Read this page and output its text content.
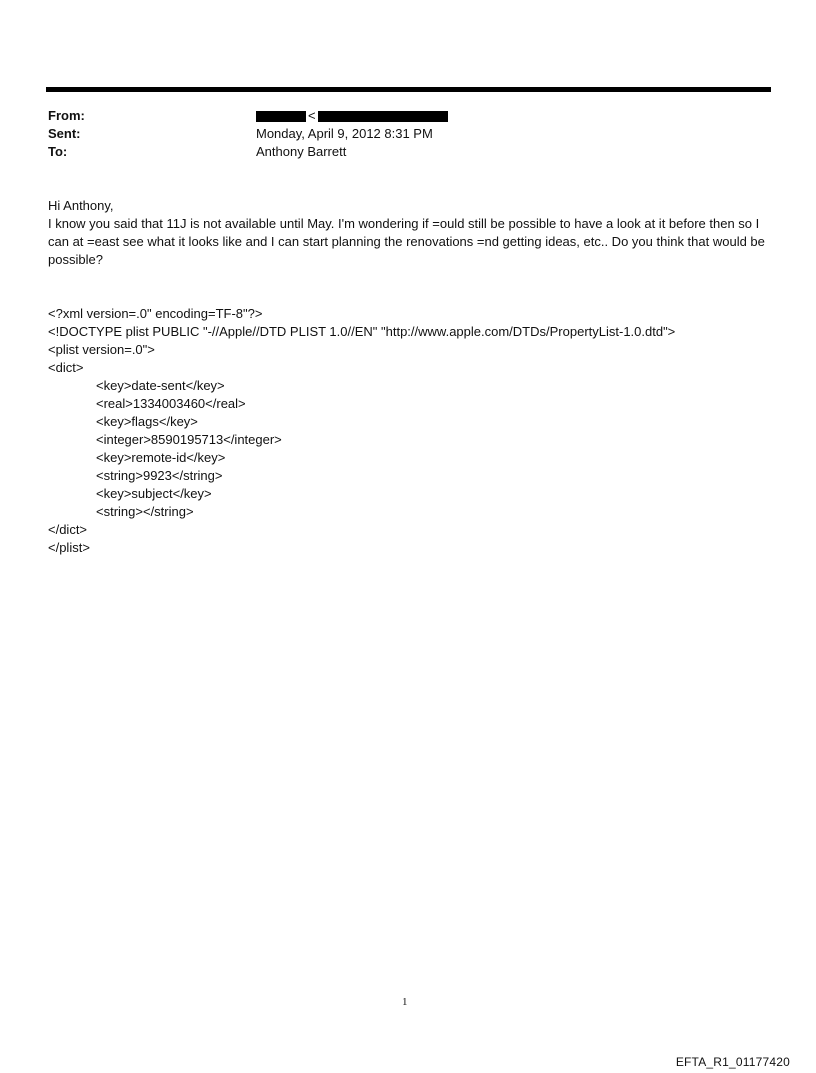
From:	<
Sent:	Monday, April 9, 2012 8:31 PM
To:	Anthony Barrett

Hi Anthony,

I know you said that 11J is not available until May. I'm wondering if =ould still be possible to have a look at it before then so I can at =east see what it looks like and I can start planning the renovations =nd getting ideas, etc.. Do you think that would be possible?

<?xml version=.0" encoding=TF-8"?>
<!DOCTYPE plist PUBLIC "-//Apple//DTD PLIST 1.0//EN" "http://www.apple.com/DTDs/PropertyList-1.0.dtd">
<plist version=.0">
<dict>
<key>date-sent</key>
<real>1334003460</real>
<key>flags</key>
<integer>8590195713</integer>
<key>remote-id</key>
<string>9923</string>
<key>subject</key>
<string></string>
</dict>
</plist>
1
EFTA_R1_01177420
